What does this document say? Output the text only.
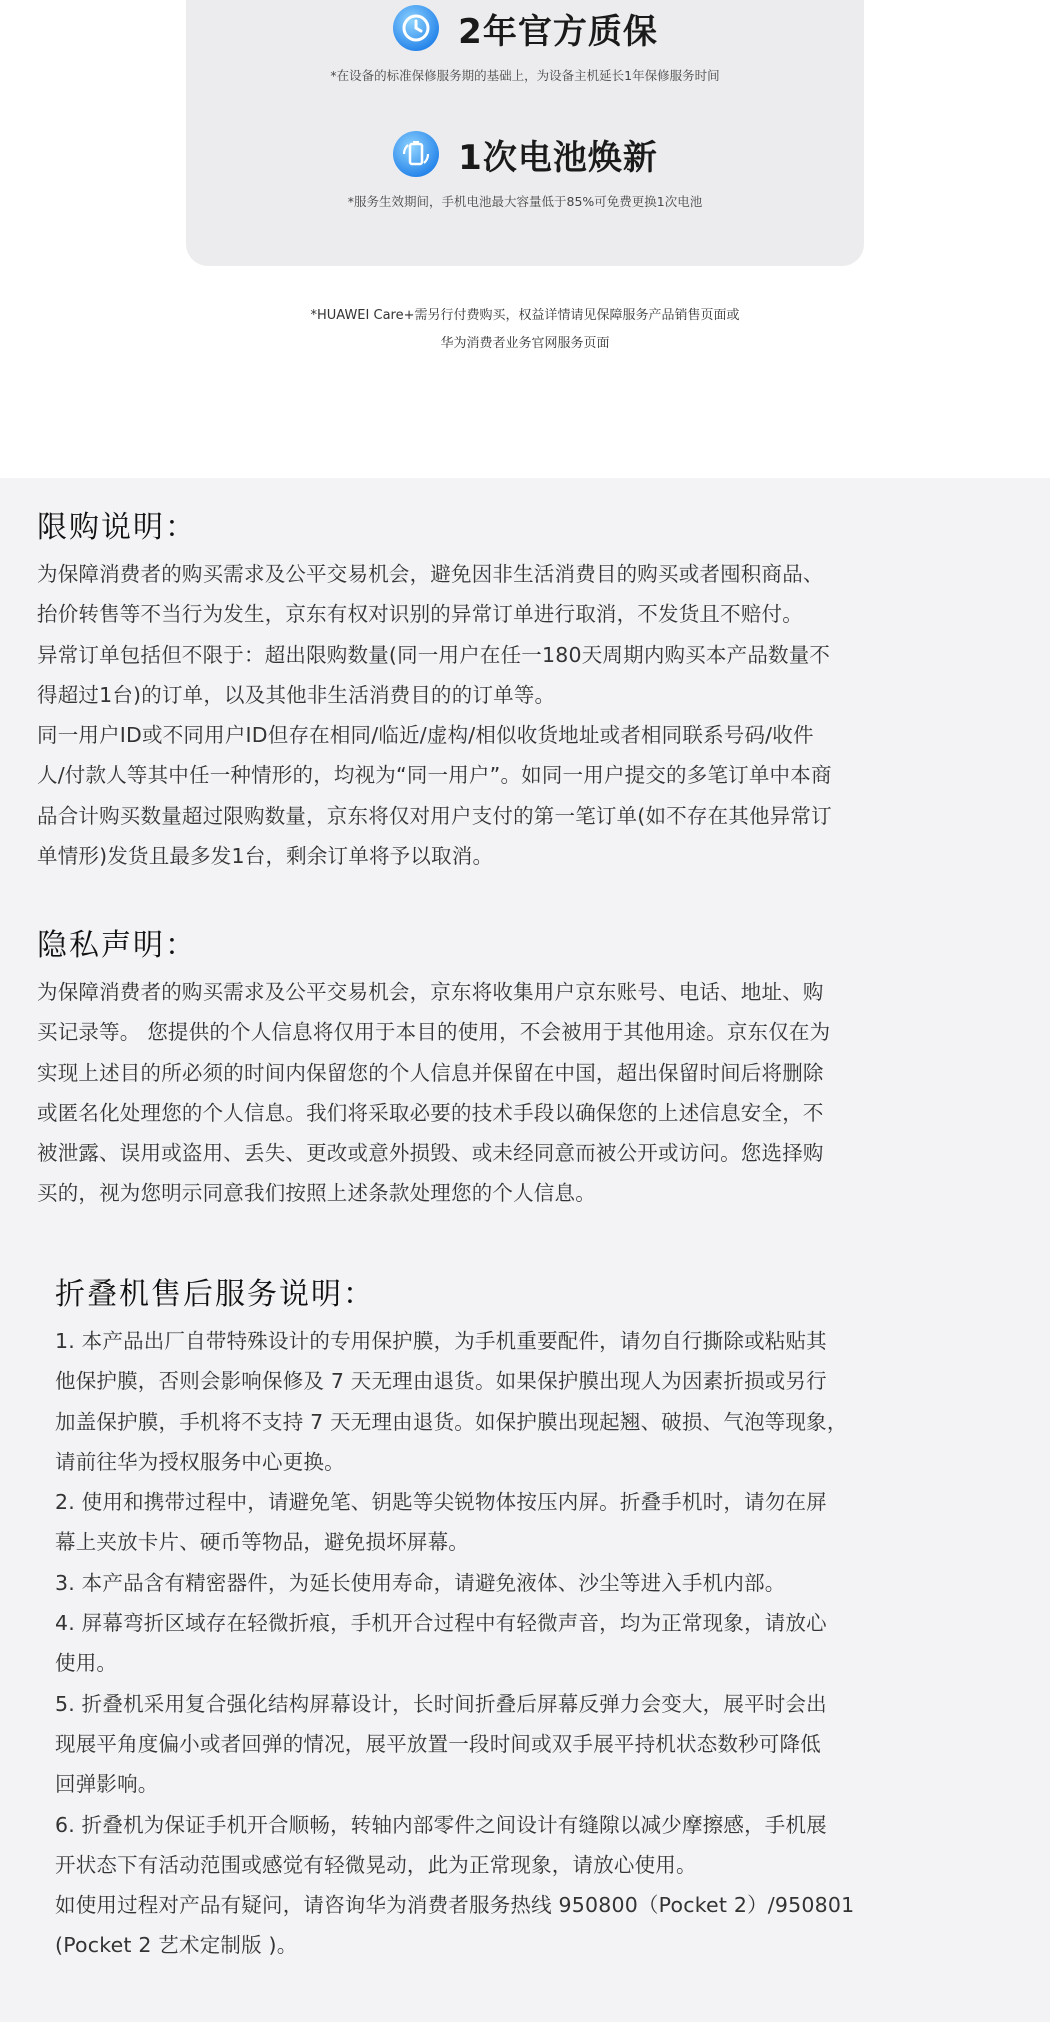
2年官方质保
*在设备的标准保修服务期的基础上，为设备主机延长1年保修服务时间
1次电池焕新
*服务生效期间，手机电池最大容量低于85%可免费更换1次电池
*HUAWEI Care+需另行付费购买，权益详情请见保障服务产品销售页面或
华为消费者业务官网服务页面
限购说明：

为保障消费者的购买需求及公平交易机会，避免因非生活消费目的购买或者囤积商品、
抬价转售等不当行为发生，京东有权对识别的异常订单进行取消，不发货且不赔付。
异常订单包括但不限于：超出限购数量(同一用户在任一180天周期内购买本产品数量不
得超过1台)的订单，以及其他非生活消费目的的订单等。
同一用户ID或不同用户ID但存在相同/临近/虚构/相似收货地址或者相同联系号码/收件
人/付款人等其中任一种情形的，均视为“同一用户”。如同一用户提交的多笔订单中本商
品合计购买数量超过限购数量，京东将仅对用户支付的第一笔订单(如不存在其他异常订
单情形)发货且最多发1台，剩余订单将予以取消。

隐私声明：

为保障消费者的购买需求及公平交易机会，京东将收集用户京东账号、电话、地址、购
买记录等。 您提供的个人信息将仅用于本目的使用，不会被用于其他用途。京东仅在为
实现上述目的所必须的时间内保留您的个人信息并保留在中国，超出保留时间后将删除
或匿名化处理您的个人信息。我们将采取必要的技术手段以确保您的上述信息安全，不
被泄露、误用或盗用、丢失、更改或意外损毁、或未经同意而被公开或访问。您选择购
买的，视为您明示同意我们按照上述条款处理您的个人信息。

折叠机售后服务说明：

1. 本产品出厂自带特殊设计的专用保护膜，为手机重要配件，请勿自行撕除或粘贴其
他保护膜，否则会影响保修及 7 天无理由退货。如果保护膜出现人为因素折损或另行
加盖保护膜，手机将不支持 7 天无理由退货。如保护膜出现起翘、破损、气泡等现象，
请前往华为授权服务中心更换。
2. 使用和携带过程中，请避免笔、钥匙等尖锐物体按压内屏。折叠手机时，请勿在屏
幕上夹放卡片、硬币等物品，避免损坏屏幕。
3. 本产品含有精密器件，为延长使用寿命，请避免液体、沙尘等进入手机内部。
4. 屏幕弯折区域存在轻微折痕，手机开合过程中有轻微声音，均为正常现象，请放心
使用。
5. 折叠机采用复合强化结构屏幕设计，长时间折叠后屏幕反弹力会变大，展平时会出
现展平角度偏小或者回弹的情况，展平放置一段时间或双手展平持机状态数秒可降低
回弹影响。
6. 折叠机为保证手机开合顺畅，转轴内部零件之间设计有缝隙以减少摩擦感，手机展
开状态下有活动范围或感觉有轻微晃动，此为正常现象，请放心使用。
如使用过程对产品有疑问，请咨询华为消费者服务热线 950800（Pocket 2）/950801
(Pocket 2 艺术定制版 )。
